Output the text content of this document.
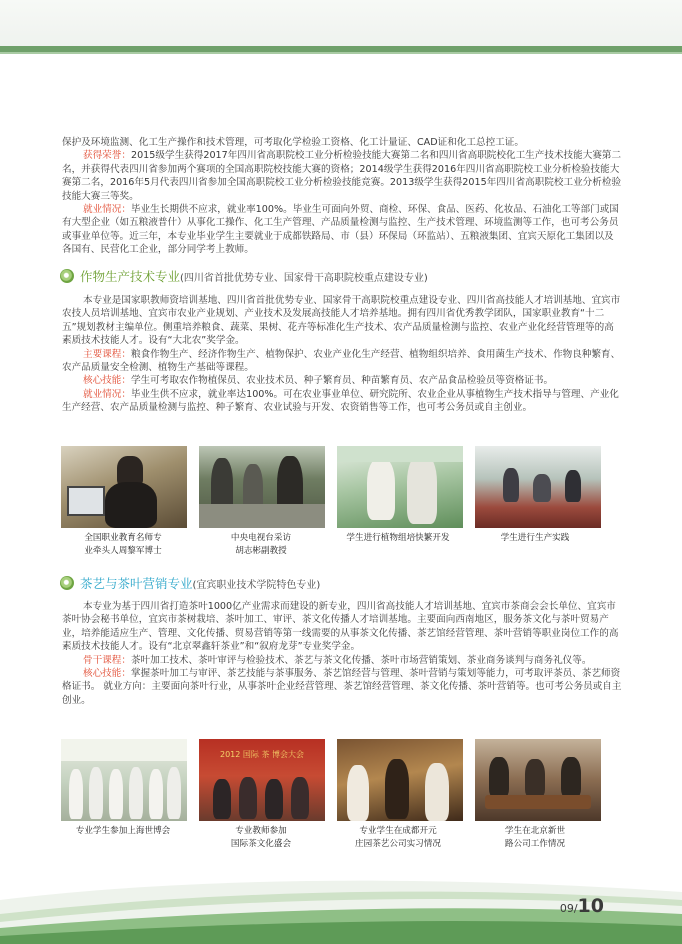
保护及环境监测、化工生产操作和技术管理，可考取化学检验工资格、化工计量证、CAD证和化工总控工证。

获得荣誉：2015级学生获得2017年四川省高职院校工业分析检验技能大赛第二名和四川省高职院校化工生产技术技能大赛第二名，并获得代表四川省参加两个赛项的全国高职院校技能大赛的资格；2014级学生获得2016年四川省高职院校工业分析检验技能大赛第二名，2016年5月代表四川省参加全国高职院校工业分析检验技能竞赛。2013级学生获得2015年四川省高职院校工业分析检验技能大赛三等奖。

就业情况：毕业生长期供不应求，就业率100%。毕业生可面向外贸、商检、环保、食品、医药、化妆品、石油化工等部门或国有大型企业（如五粮液普什）从事化工操作、化工生产管理、产品质量检测与监控、生产技术管理、环境监测等工作，也可考公务员或事业单位等。近三年，本专业毕业学生主要就业于成都铁路局、市（县）环保局（环监站）、五粮液集团、宜宾天原化工集团以及各国有、民营化工企业，部分同学考上教师。

作物生产技术专业 (四川省首批优势专业、国家骨干高职院校重点建设专业)

本专业是国家职教师资培训基地、四川省首批优势专业、国家骨干高职院校重点建设专业、四川省高技能人才培训基地、宜宾市农技人员培训基地、宜宾市农业产业规划、产业技术及发展高技能人才培养基地。拥有四川省优秀教学团队，国家职业教育“十二五”规划教材主编单位。侧重培养粮食、蔬菜、果树、花卉等标准化生产技术、农产品质量检测与监控、农业产业化经营管理等的高素质技术技能人才。设有“大北农”奖学金。

主要课程：粮食作物生产、经济作物生产、植物保护、农业产业化生产经营、植物组织培养、食用菌生产技术、作物良种繁育、农产品质量安全检测、植物生产基础等课程。

核心技能：学生可考取农作物植保员、农业技术员、种子繁育员、种苗繁育员、农产品食品检验员等资格证书。

就业情况：毕业生供不应求，就业率达100%。可在农业事业单位、研究院所、农业企业从事植物生产技术指导与管理、产业化生产经营、农产品质量检测与监控、种子繁育、农业试验与开发、农资销售等工作，也可考公务员或自主创业。

全国职业教育名师专
业牵头人周黎军博士
中央电视台采访
胡志彬副教授
学生进行植物组培快繁开发	学生进行生产实践
茶艺与茶叶营销专业 (宜宾职业技术学院特色专业)

本专业为基于四川省打造茶叶1000亿产业需求而建设的新专业，四川省高技能人才培训基地、宜宾市茶商会会长单位、宜宾市茶叶协会秘书单位，宜宾市茶树栽培、茶叶加工、审评、茶文化传播人才培训基地。主要面向西南地区，服务茶文化与茶叶贸易产业，培养能适应生产、管理、文化传播、贸易营销等第一线需要的从事茶文化传播、茶艺馆经营管理、茶叶营销等职业岗位工作的高素质技术技能人才。设有“北京翠鑫轩茶业”和“叙府龙芽”专业奖学金。

骨干课程：茶叶加工技术、茶叶审评与检验技术、茶艺与茶文化传播、茶叶市场营销策划、茶业商务谈判与商务礼仪等。

核心技能：掌握茶叶加工与审评、茶艺技能与茶事服务、茶艺馆经营与管理、茶叶营销与策划等能力，可考取评茶员、茶艺师资格证书。 就业方向：主要面向茶叶行业，从事茶叶企业经营管理、茶艺馆经营管理、茶文化传播、茶叶营销等。也可考公务员或自主创业。

2012 国际 茶 博会大会
专业学生参加上海世博会	专业教师参加
国际茶文化盛会
专业学生在成都开元
庄园茶艺公司实习情况
学生在北京新世
路公司工作情况
09/10
